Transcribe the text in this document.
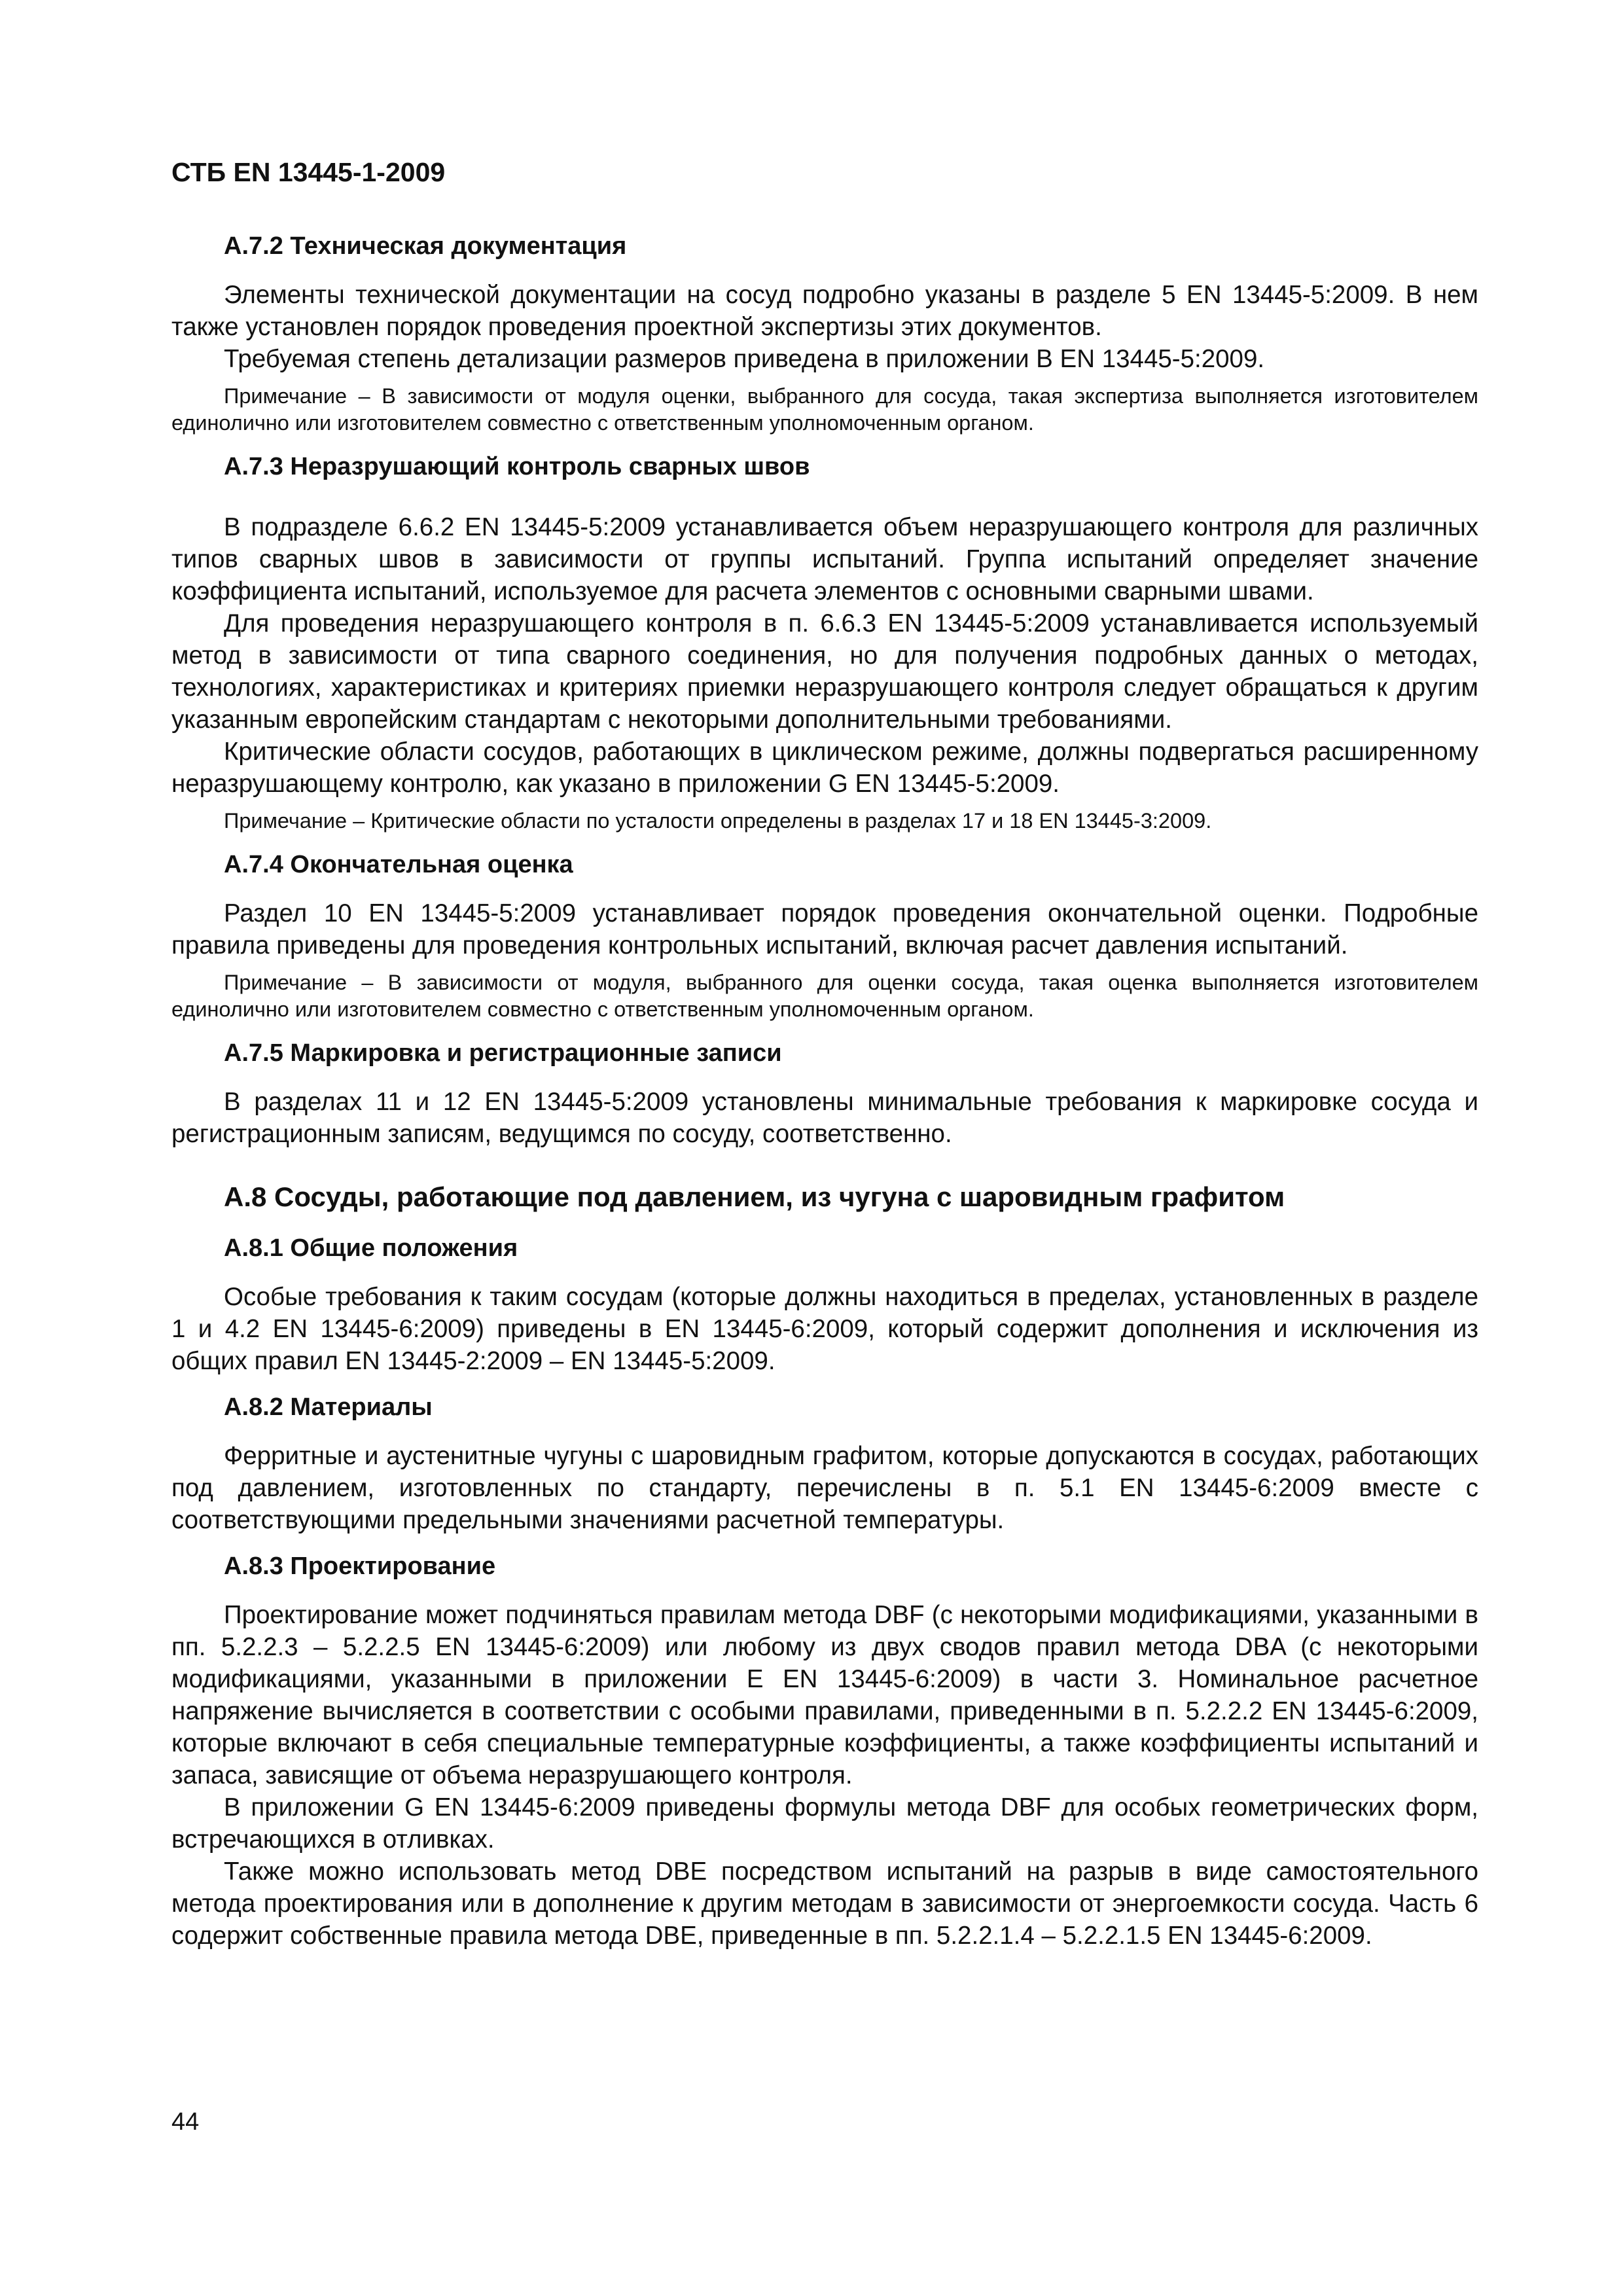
СТБ EN 13445-1-2009

А.7.2 Техническая документация

Элементы технической документации на сосуд подробно указаны в разделе 5 EN 13445-5:2009. В нем также установлен порядок проведения проектной экспертизы этих документов.

Требуемая степень детализации размеров приведена в приложении B EN 13445-5:2009.

Примечание – В зависимости от модуля оценки, выбранного для сосуда, такая экспертиза выполняется изготовителем единолично или изготовителем совместно с ответственным уполномоченным органом.

А.7.3 Неразрушающий контроль сварных швов

В подразделе 6.6.2 EN 13445-5:2009 устанавливается объем неразрушающего контроля для различных типов сварных швов в зависимости от группы испытаний. Группа испытаний определяет значение коэффициента испытаний, используемое для расчета элементов с основными сварными швами.

Для проведения неразрушающего контроля в п. 6.6.3 EN 13445-5:2009 устанавливается используемый метод в зависимости от типа сварного соединения, но для получения подробных данных о методах, технологиях, характеристиках и критериях приемки неразрушающего контроля следует обращаться к другим указанным европейским стандартам с некоторыми дополнительными требованиями.

Критические области сосудов, работающих в циклическом режиме, должны подвергаться расширенному неразрушающему контролю, как указано в приложении G EN 13445-5:2009.

Примечание – Критические области по усталости определены в разделах 17 и 18 EN 13445-3:2009.

А.7.4 Окончательная оценка

Раздел 10 EN 13445-5:2009 устанавливает порядок проведения окончательной оценки. Подробные правила приведены для проведения контрольных испытаний, включая расчет давления испытаний.

Примечание – В зависимости от модуля, выбранного для оценки сосуда, такая оценка выполняется изготовителем единолично или изготовителем совместно с ответственным уполномоченным органом.

А.7.5 Маркировка и регистрационные записи

В разделах 11 и 12 EN 13445-5:2009 установлены минимальные требования к маркировке сосуда и регистрационным записям, ведущимся по сосуду, соответственно.

А.8 Сосуды, работающие под давлением, из чугуна с шаровидным графитом
А.8.1 Общие положения

Особые требования к таким сосудам (которые должны находиться в пределах, установленных в разделе 1 и 4.2 EN 13445-6:2009) приведены в EN 13445-6:2009, который содержит дополнения и исключения из общих правил EN 13445-2:2009 – EN 13445-5:2009.

А.8.2 Материалы

Ферритные и аустенитные чугуны с шаровидным графитом, которые допускаются в сосудах, работающих под давлением, изготовленных по стандарту, перечислены в п. 5.1 EN 13445-6:2009 вместе с соответствующими предельными значениями расчетной температуры.

А.8.3 Проектирование

Проектирование может подчиняться правилам метода DBF (с некоторыми модификациями, указанными в пп. 5.2.2.3 – 5.2.2.5 EN 13445-6:2009) или любому из двух сводов правил метода DBA (с некоторыми модификациями, указанными в приложении E EN 13445-6:2009) в части 3. Номинальное расчетное напряжение вычисляется в соответствии с особыми правилами, приведенными в п. 5.2.2.2 EN 13445-6:2009, которые включают в себя специальные температурные коэффициенты, а также коэффициенты испытаний и запаса, зависящие от объема неразрушающего контроля.

В приложении G EN 13445-6:2009 приведены формулы метода DBF для особых геометрических форм, встречающихся в отливках.

Также можно использовать метод DBE посредством испытаний на разрыв в виде самостоятельного метода проектирования или в дополнение к другим методам в зависимости от энергоемкости сосуда. Часть 6 содержит собственные правила метода DBE, приведенные в пп. 5.2.2.1.4 – 5.2.2.1.5 EN 13445-6:2009.

44
